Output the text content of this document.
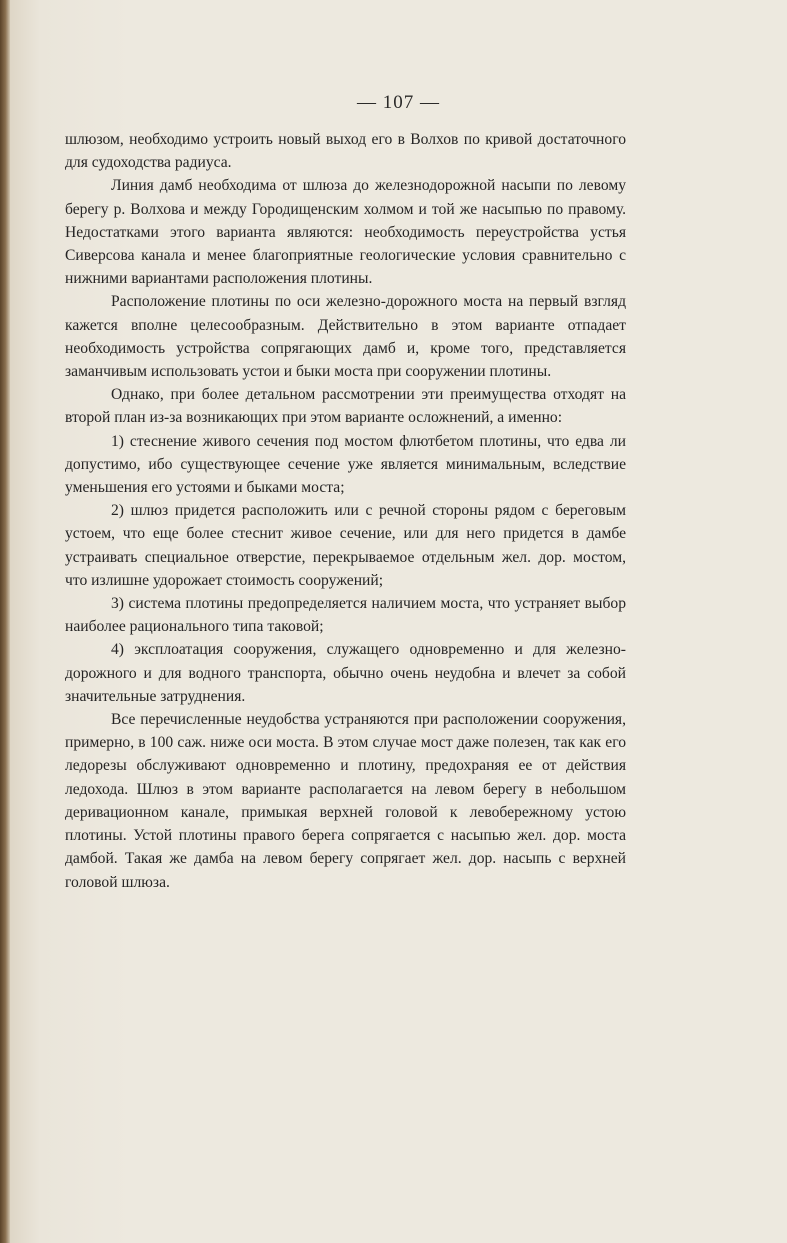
— 107 —

шлюзом, необходимо устроить новый выход его в Волхов по кривой достаточного для судоходства радиуса.

Линия дамб необходима от шлюза до железнодорожной насыпи по левому берегу р. Волхова и между Городищенским холмом и той же насыпью по правому. Недостатками этого варианта являются: необходимость переустройства устья Сиверсова канала и менее благоприятные геологические условия сравнительно с нижними вариантами расположения плотины.

Расположение плотины по оси железно-дорожного моста на первый взгляд кажется вполне целесообразным. Действительно в этом варианте отпадает необходимость устройства сопрягающих дамб и, кроме того, представляется заманчивым использовать устои и быки моста при сооружении плотины.

Однако, при более детальном рассмотрении эти преимущества отходят на второй план из-за возникающих при этом варианте осложнений, а именно:

1) стеснение живого сечения под мостом флютбетом плотины, что едва ли допустимо, ибо существующее сечение уже является минимальным, вследствие уменьшения его устоями и быками моста;

2) шлюз придется расположить или с речной стороны рядом с береговым устоем, что еще более стеснит живое сечение, или для него придется в дамбе устраивать специальное отверстие, перекрываемое отдельным жел. дор. мостом, что излишне удорожает стоимость сооружений;

3) система плотины предопределяется наличием моста, что устраняет выбор наиболее рационального типа таковой;

4) эксплоатация сооружения, служащего одновременно и для железно-дорожного и для водного транспорта, обычно очень неудобна и влечет за собой значительные затруднения.

Все перечисленные неудобства устраняются при расположении сооружения, примерно, в 100 саж. ниже оси моста. В этом случае мост даже полезен, так как его ледорезы обслуживают одновременно и плотину, предохраняя ее от действия ледохода. Шлюз в этом варианте располагается на левом берегу в небольшом деривационном канале, примыкая верхней головой к левобережному устою плотины. Устой плотины правого берега сопрягается с насыпью жел. дор. моста дамбой. Такая же дамба на левом берегу сопрягает жел. дор. насыпь с верхней головой шлюза.
